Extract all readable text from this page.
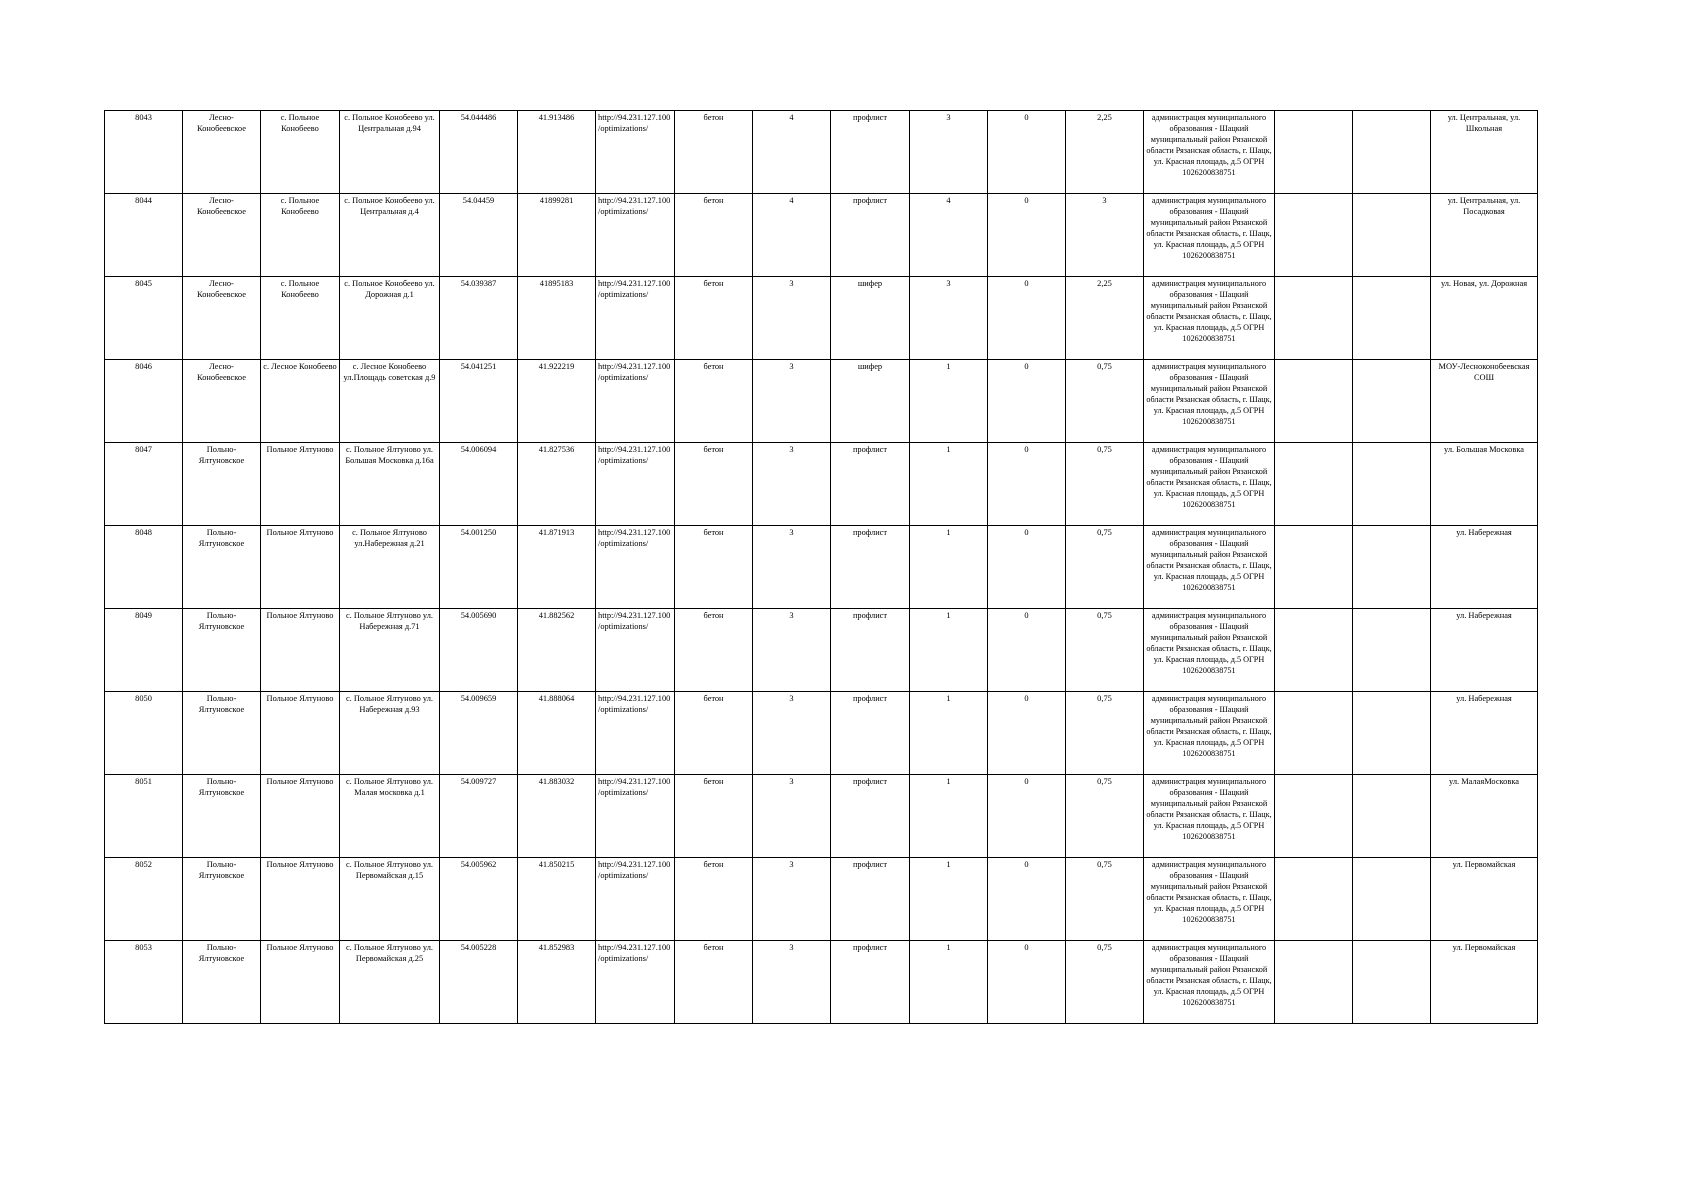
8043	Лесно-Конобеевское	с. Польное Конобеево	с. Польное Конобеево ул. Центральная д.94	54.044486	41.913486	http://94.231.127.100/optimizations/	бетон	4	профлист	3	0	2,25	администрация муниципального образования - Шацкий муниципальный район Рязанской области Рязанская область, г. Шацк, ул. Красная площадь, д.5 ОГРН 1026200838751			ул. Центральная, ул. Школьная
8044	Лесно-Конобеевское	с. Польное Конобеево	с. Польное Конобеево ул. Центральная д.4	54.04459	41899281	http://94.231.127.100/optimizations/	бетон	4	профлист	4	0	3	администрация муниципального образования - Шацкий муниципальный район Рязанской области Рязанская область, г. Шацк, ул. Красная площадь, д.5 ОГРН 1026200838751			ул. Центральная, ул. Посадковая
8045	Лесно-Конобеевское	с. Польное Конобеево	с. Польное Конобеево ул. Дорожная д.1	54.039387	41895183	http://94.231.127.100/optimizations/	бетон	3	шифер	3	0	2,25	администрация муниципального образования - Шацкий муниципальный район Рязанской области Рязанская область, г. Шацк, ул. Красная площадь, д.5 ОГРН 1026200838751			ул. Новая, ул. Дорожная
8046	Лесно-Конобеевское	с. Лесное Конобеево	с. Лесное Конобеево ул.Площадь советская д.9	54.041251	41.922219	http://94.231.127.100/optimizations/	бетон	3	шифер	1	0	0,75	администрация муниципального образования - Шацкий муниципальный район Рязанской области Рязанская область, г. Шацк, ул. Красная площадь, д.5 ОГРН 1026200838751			МОУ-Лесноконобеевская СОШ
8047	Польно-Ялтуновское	Польное Ялтуново	с. Польное Ялтуново ул. Большая Московка д.16а	54.006094	41.827536	http://94.231.127.100/optimizations/	бетон	3	профлист	1	0	0,75	администрация муниципального образования - Шацкий муниципальный район Рязанской области Рязанская область, г. Шацк, ул. Красная площадь, д.5 ОГРН 1026200838751			ул. Большая Московка
8048	Польно-Ялтуновское	Польное Ялтуново	с. Польное Ялтуново ул.Набережная д.21	54.001250	41.871913	http://94.231.127.100/optimizations/	бетон	3	профлист	1	0	0,75	администрация муниципального образования - Шацкий муниципальный район Рязанской области Рязанская область, г. Шацк, ул. Красная площадь, д.5 ОГРН 1026200838751			ул. Набережная
8049	Польно-Ялтуновское	Польное Ялтуново	с. Польное Ялтуново ул. Набережная д.71	54.005690	41.882562	http://94.231.127.100/optimizations/	бетон	3	профлист	1	0	0,75	администрация муниципального образования - Шацкий муниципальный район Рязанской области Рязанская область, г. Шацк, ул. Красная площадь, д.5 ОГРН 1026200838751			ул. Набережная
8050	Польно-Ялтуновское	Польное Ялтуново	с. Польное Ялтуново ул. Набережная д.93	54.009659	41.888064	http://94.231.127.100/optimizations/	бетон	3	профлист	1	0	0,75	администрация муниципального образования - Шацкий муниципальный район Рязанской области Рязанская область, г. Шацк, ул. Красная площадь, д.5 ОГРН 1026200838751			ул. Набережная
8051	Польно-Ялтуновское	Польное Ялтуново	с. Польное Ялтуново ул. Малая московка д.1	54.009727	41.883032	http://94.231.127.100/optimizations/	бетон	3	профлист	1	0	0,75	администрация муниципального образования - Шацкий муниципальный район Рязанской области Рязанская область, г. Шацк, ул. Красная площадь, д.5 ОГРН 1026200838751			ул. МалаяМосковка
8052	Польно-Ялтуновское	Польное Ялтуново	с. Польное Ялтуново ул. Первомайская д.15	54.005962	41.850215	http://94.231.127.100/optimizations/	бетон	3	профлист	1	0	0,75	администрация муниципального образования - Шацкий муниципальный район Рязанской области Рязанская область, г. Шацк, ул. Красная площадь, д.5 ОГРН 1026200838751			ул. Первомайская
8053	Польно-Ялтуновское	Польное Ялтуново	с. Польное Ялтуново ул. Первомайская д.25	54.005228	41.852983	http://94.231.127.100/optimizations/	бетон	3	профлист	1	0	0,75	администрация муниципального образования - Шацкий муниципальный район Рязанской области Рязанская область, г. Шацк, ул. Красная площадь, д.5 ОГРН 1026200838751			ул. Первомайская
